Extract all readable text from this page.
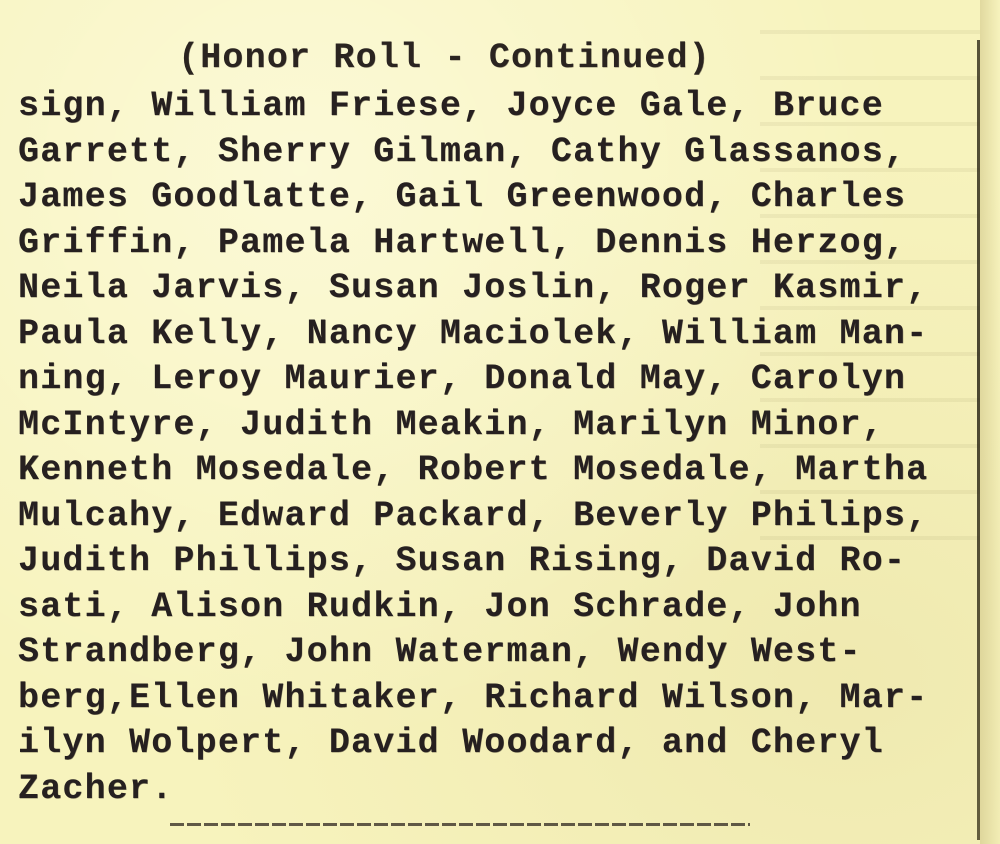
(Honor Roll - Continued)
sign, William Friese, Joyce Gale, Bruce
Garrett, Sherry Gilman, Cathy Glassanos,
James Goodlatte, Gail Greenwood, Charles
Griffin, Pamela Hartwell, Dennis Herzog,
Neila Jarvis, Susan Joslin, Roger Kasmir,
Paula Kelly, Nancy Maciolek, William Man-
ning, Leroy Maurier, Donald May, Carolyn
McIntyre, Judith Meakin, Marilyn Minor,
Kenneth Mosedale, Robert Mosedale, Martha
Mulcahy, Edward Packard, Beverly Philips,
Judith Phillips, Susan Rising, David Ro-
sati, Alison Rudkin, Jon Schrade, John
Strandberg, John Waterman, Wendy West-
berg,Ellen Whitaker, Richard Wilson, Mar-
ilyn Wolpert, David Woodard, and Cheryl
Zacher.
